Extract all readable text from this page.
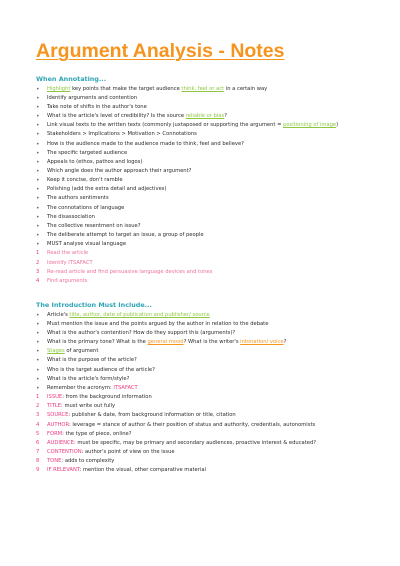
Argument Analysis - Notes
When Annotating...
•	Highlight key points that make the target audience think, feel or act in a certain way
•	Identify arguments and contention
•	Take note of shifts in the author's tone
•	What is the article's level of credibility? Is the source reliable or bias?
•	Link visual texts to the written texts (commonly juxtaposed or supporting the argument = positioning of image)
•	Stakeholders > Implications > Motivation > Connotations
•	How is the audience made to the audience made to think, feel and believe?
•	The specific targeted audience
•	Appeals to (ethos, pathos and logos)
•	Which angle does the author approach their argument?
•	Keep it concise, don't ramble
•	Polishing (add the extra detail and adjectives)
•	The authors sentiments
•	The connotations of language
•	The disassociation
•	The collective resentment on issue?
•	The deliberate attempt to target an issue, a group of people
•	MUST analyse visual language
1	Read the article
2	Identify ITSAFACT
3	Re-read article and find persuasive language devices and tones
4	Find arguments
The Introduction Must Include...
•	Article's title, author, date of publication and publisher/ source
•	Must mention the issue and the points argued by the author in relation to the debate
•	What is the author's contention? How do they support this (arguments)?
•	What is the primary tone? What is the general mood? What is the writer's intonation/ voice?
•	Stages of argument
•	What is the purpose of the article?
•	Who is the target audience of the article?
•	What is the article's form/style?
•	Remember the acronym: ITSAFACT
1	ISSUE: from the background information
2	TITLE: must write out fully
3	SOURCE: publisher & date, from background information or title, citation
4	AUTHOR: leverage = stance of author & their position of status and authority, credentials, autonomists
5	FORM: the type of piece, online?
6	AUDIENCE: must be specific, may be primary and secondary audiences, proactive interest & educated?
7	CONTENTION: author's point of view on the issue
8	TONE: adds to complexity
9	IF RELEVANT: mention the visual, other comparative material
